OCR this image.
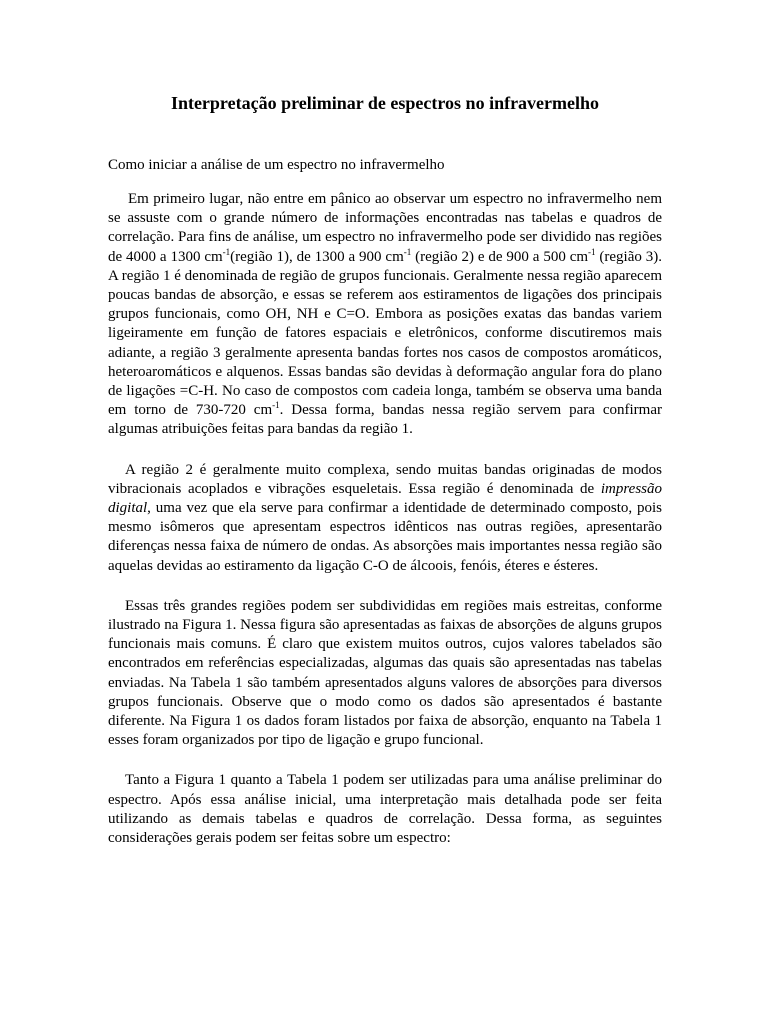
Interpretação preliminar de espectros no infravermelho

Como iniciar a análise de um espectro no infravermelho

Em primeiro lugar, não entre em pânico ao observar um espectro no infravermelho nem se assuste com o grande número de informações encontradas nas tabelas e quadros de correlação. Para fins de análise, um espectro no infravermelho pode ser dividido nas regiões de 4000 a 1300 $cm^{-1}(região$ 1), de 1300 a 900 $cm^{-1}$ (região 2) e de 900 a 500 $cm^{-1}$ (região 3). A região 1 é denominada de região de grupos funcionais. Geralmente nessa região aparecem poucas bandas de absorção, e essas se referem aos estiramentos de ligações dos principais grupos funcionais, como OH, NH e C=O. Embora as posições exatas das bandas variem ligeiramente em função de fatores espaciais e eletrônicos, conforme discutiremos mais adiante, a região 3 geralmente apresenta bandas fortes nos casos de compostos aromáticos, heteroaromáticos e alquenos. Essas bandas são devidas à deformação angular fora do plano de ligações =C-H. No caso de compostos com cadeia longa, também se observa uma banda em torno de 730-720 $cm^{-1}$. Dessa forma, bandas nessa região servem para confirmar algumas atribuições feitas para bandas da região 1.

A região 2 é geralmente muito complexa, sendo muitas bandas originadas de modos vibracionais acoplados e vibrações esqueletais. Essa região é denominada de impressão digital, uma vez que ela serve para confirmar a identidade de determinado composto, pois mesmo isômeros que apresentam espectros idênticos nas outras regiões, apresentarão diferenças nessa faixa de número de ondas. As absorções mais importantes nessa região são aquelas devidas ao estiramento da ligação C-O de álcoois, fenóis, éteres e ésteres.

Essas três grandes regiões podem ser subdivididas em regiões mais estreitas, conforme ilustrado na Figura 1. Nessa figura são apresentadas as faixas de absorções de alguns grupos funcionais mais comuns. É claro que existem muitos outros, cujos valores tabelados são encontrados em referências especializadas, algumas das quais são apresentadas nas tabelas enviadas. Na Tabela 1 são também apresentados alguns valores de absorções para diversos grupos funcionais. Observe que o modo como os dados são apresentados é bastante diferente. Na Figura 1 os dados foram listados por faixa de absorção, enquanto na Tabela 1 esses foram organizados por tipo de ligação e grupo funcional.

Tanto a Figura 1 quanto a Tabela 1 podem ser utilizadas para uma análise preliminar do espectro. Após essa análise inicial, uma interpretação mais detalhada pode ser feita utilizando as demais tabelas e quadros de correlação. Dessa forma, as seguintes considerações gerais podem ser feitas sobre um espectro:
